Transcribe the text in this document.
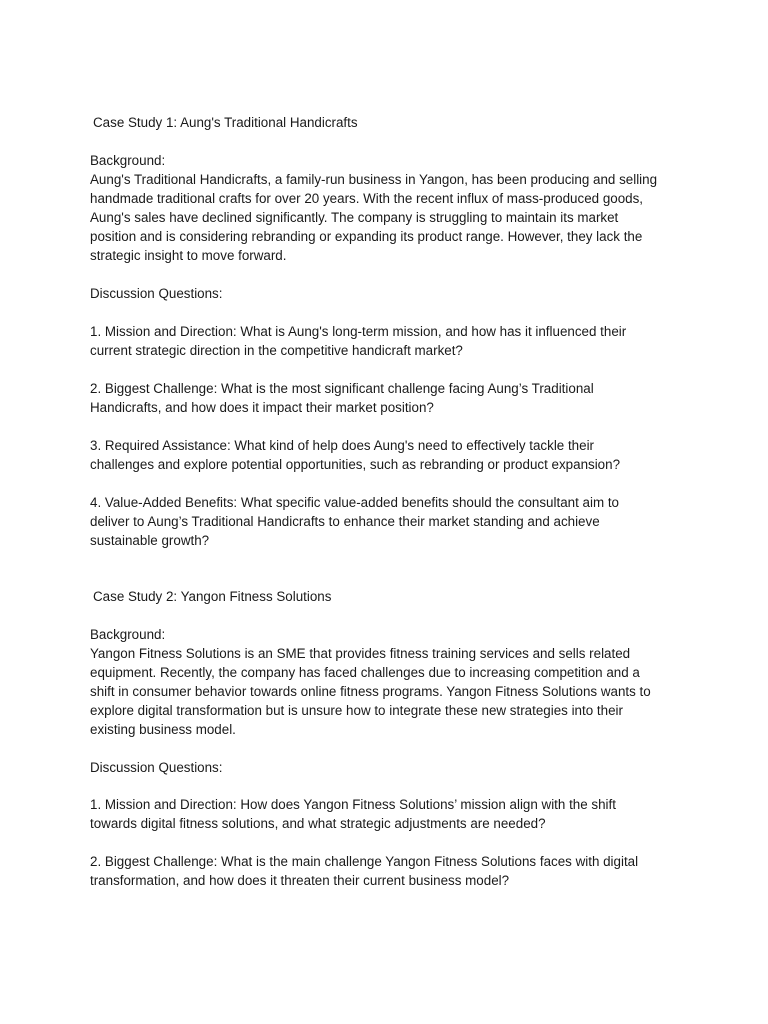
Case Study 1: Aung's Traditional Handicrafts
Background:
Aung's Traditional Handicrafts, a family-run business in Yangon, has been producing and selling
handmade traditional crafts for over 20 years. With the recent influx of mass-produced goods,
Aung's sales have declined significantly. The company is struggling to maintain its market
position and is considering rebranding or expanding its product range. However, they lack the
strategic insight to move forward.
Discussion Questions:
1. Mission and Direction: What is Aung's long-term mission, and how has it influenced their
current strategic direction in the competitive handicraft market?
2. Biggest Challenge: What is the most significant challenge facing Aung’s Traditional
Handicrafts, and how does it impact their market position?
3. Required Assistance: What kind of help does Aung's need to effectively tackle their
challenges and explore potential opportunities, such as rebranding or product expansion?
4. Value-Added Benefits: What specific value-added benefits should the consultant aim to
deliver to Aung’s Traditional Handicrafts to enhance their market standing and achieve
sustainable growth?
Case Study 2: Yangon Fitness Solutions
Background:
Yangon Fitness Solutions is an SME that provides fitness training services and sells related
equipment. Recently, the company has faced challenges due to increasing competition and a
shift in consumer behavior towards online fitness programs. Yangon Fitness Solutions wants to
explore digital transformation but is unsure how to integrate these new strategies into their
existing business model.
Discussion Questions:
1. Mission and Direction: How does Yangon Fitness Solutions’ mission align with the shift
towards digital fitness solutions, and what strategic adjustments are needed?
2. Biggest Challenge: What is the main challenge Yangon Fitness Solutions faces with digital
transformation, and how does it threaten their current business model?
